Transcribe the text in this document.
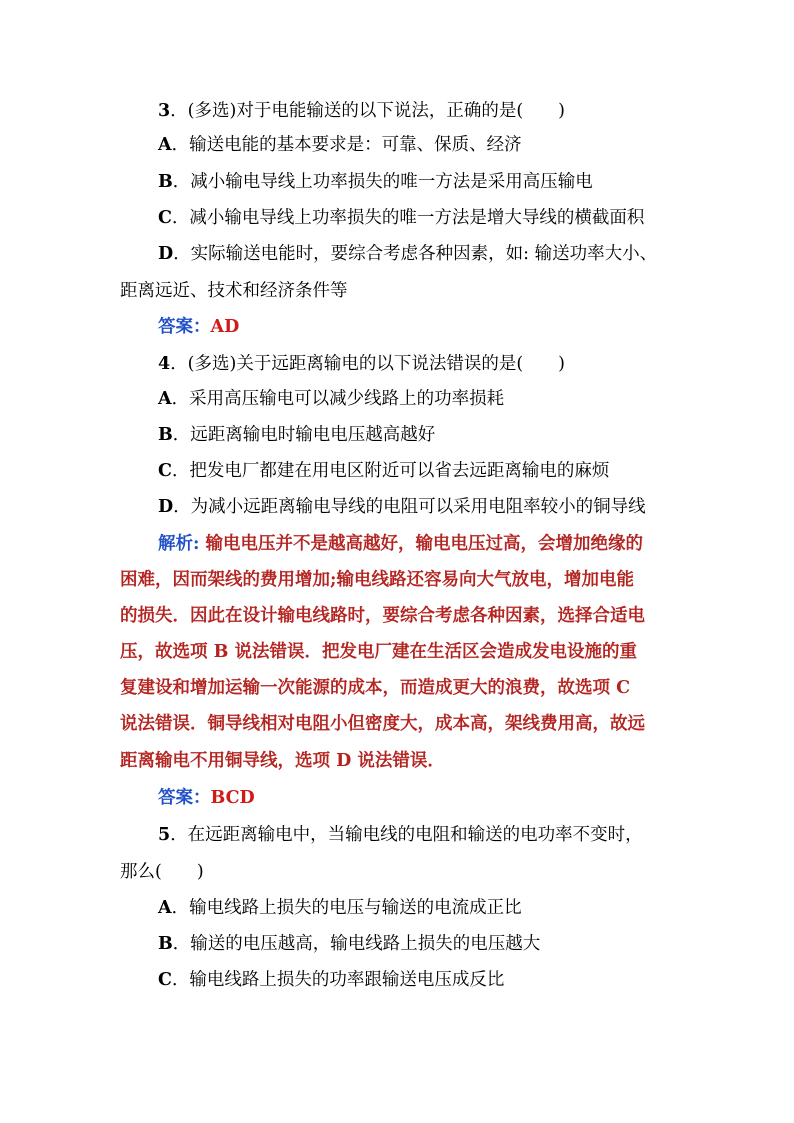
3．(多选)对于电能输送的以下说法，正确的是(　　)
A．输送电能的基本要求是：可靠、保质、经济
B．减小输电导线上功率损失的唯一方法是采用高压输电
C．减小输电导线上功率损失的唯一方法是增大导线的横截面积
D．实际输送电能时，要综合考虑各种因素，如: 输送功率大小、
距离远近、技术和经济条件等
答案：AD
4．(多选)关于远距离输电的以下说法错误的是(　　)
A．采用高压输电可以减少线路上的功率损耗
B．远距离输电时输电电压越高越好
C．把发电厂都建在用电区附近可以省去远距离输电的麻烦
D．为减小远距离输电导线的电阻可以采用电阻率较小的铜导线
解析: 输电电压并不是越高越好，输电电压过高，会增加绝缘的
困难，因而架线的费用增加;输电线路还容易向大气放电，增加电能
的损失．因此在设计输电线路时，要综合考虑各种因素，选择合适电
压，故选项 B 说法错误．把发电厂建在生活区会造成发电设施的重
复建设和增加运输一次能源的成本，而造成更大的浪费，故选项 C
说法错误．铜导线相对电阻小但密度大，成本高，架线费用高，故远
距离输电不用铜导线，选项 D 说法错误．
答案：BCD
5．在远距离输电中，当输电线的电阻和输送的电功率不变时，
那么(　　)
A．输电线路上损失的电压与输送的电流成正比
B．输送的电压越高，输电线路上损失的电压越大
C．输电线路上损失的功率跟输送电压成反比
